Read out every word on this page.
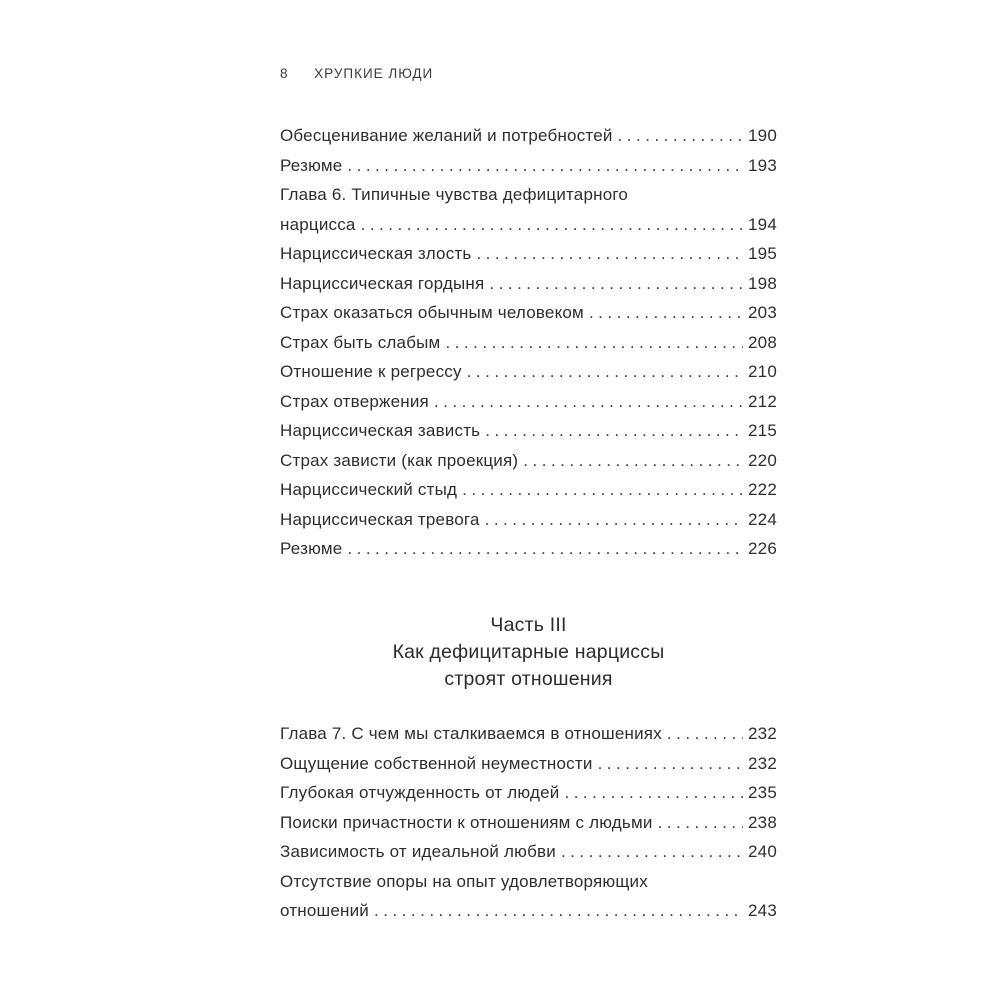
8 ХРУПКИЕ ЛЮДИ
Обесценивание желаний и потребностей .....	190
Резюме .....	193
Глава 6. Типичные чувства дефицитарного
нарцисса .....	194
Нарциссическая злость .....	195
Нарциссическая гордыня .....	198
Страх оказаться обычным человеком .....	203
Страх быть слабым .....	208
Отношение к регрессу .....	210
Страх отвержения .....	212
Нарциссическая зависть .....	215
Страх зависти (как проекция) .....	220
Нарциссический стыд .....	222
Нарциссическая тревога .....	224
Резюме .....	226
Часть III
Как дефицитарные нарциссы
строят отношения
Глава 7. С чем мы сталкиваемся в отношениях .....	232
Ощущение собственной неуместности .....	232
Глубокая отчужденность от людей .....	235
Поиски причастности к отношениям с людьми .....	238
Зависимость от идеальной любви .....	240
Отсутствие опоры на опыт удовлетворяющих
отношений .....	243
